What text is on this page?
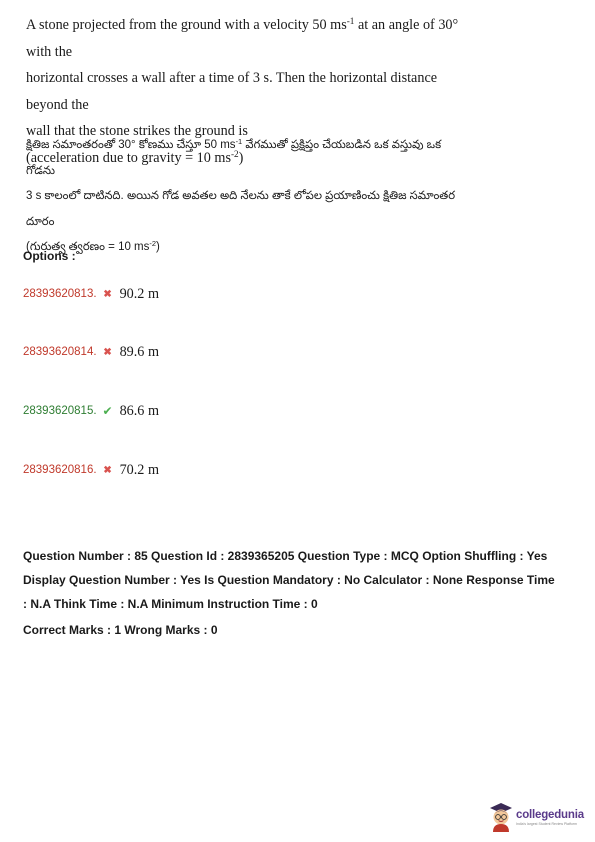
A stone projected from the ground with a velocity 50 $ms^{-1}$ at an angle of 30° with the

horizontal crosses a wall after a time of 3 s. Then the horizontal distance beyond the

wall that the stone strikes the ground is

(acceleration due to gravity = 10 $ms^{-2}$)

క్షితిజ సమాంతరంతో 30° కోణము చేస్తూ 50 $ms^{-1}$ వేగముతో ప్రక్షిప్తం చేయబడిన ఒక వస్తువు ఒక గోడను

3 s కాలంలో దాటినది. అయిన గోడ అవతల అది నేలను తాకే లోపల ప్రయాణించు క్షితిజ సమాంతర

దూరం

(గురుత్వ త్వరణం = 10 $ms^{-2}$)

Options :
28393620813. ✖ 90.2 m
28393620814. ✖ 89.6 m
28393620815. ✔ 86.6 m
28393620816. ✖ 70.2 m

Question Number : 85 Question Id : 2839365205 Question Type : MCQ Option Shuffling : Yes

Display Question Number : Yes Is Question Mandatory : No Calculator : None Response Time

: N.A Think Time : N.A Minimum Instruction Time : 0

Correct Marks : 1 Wrong Marks : 0

collegedunia
India's largest Student Review Platform
